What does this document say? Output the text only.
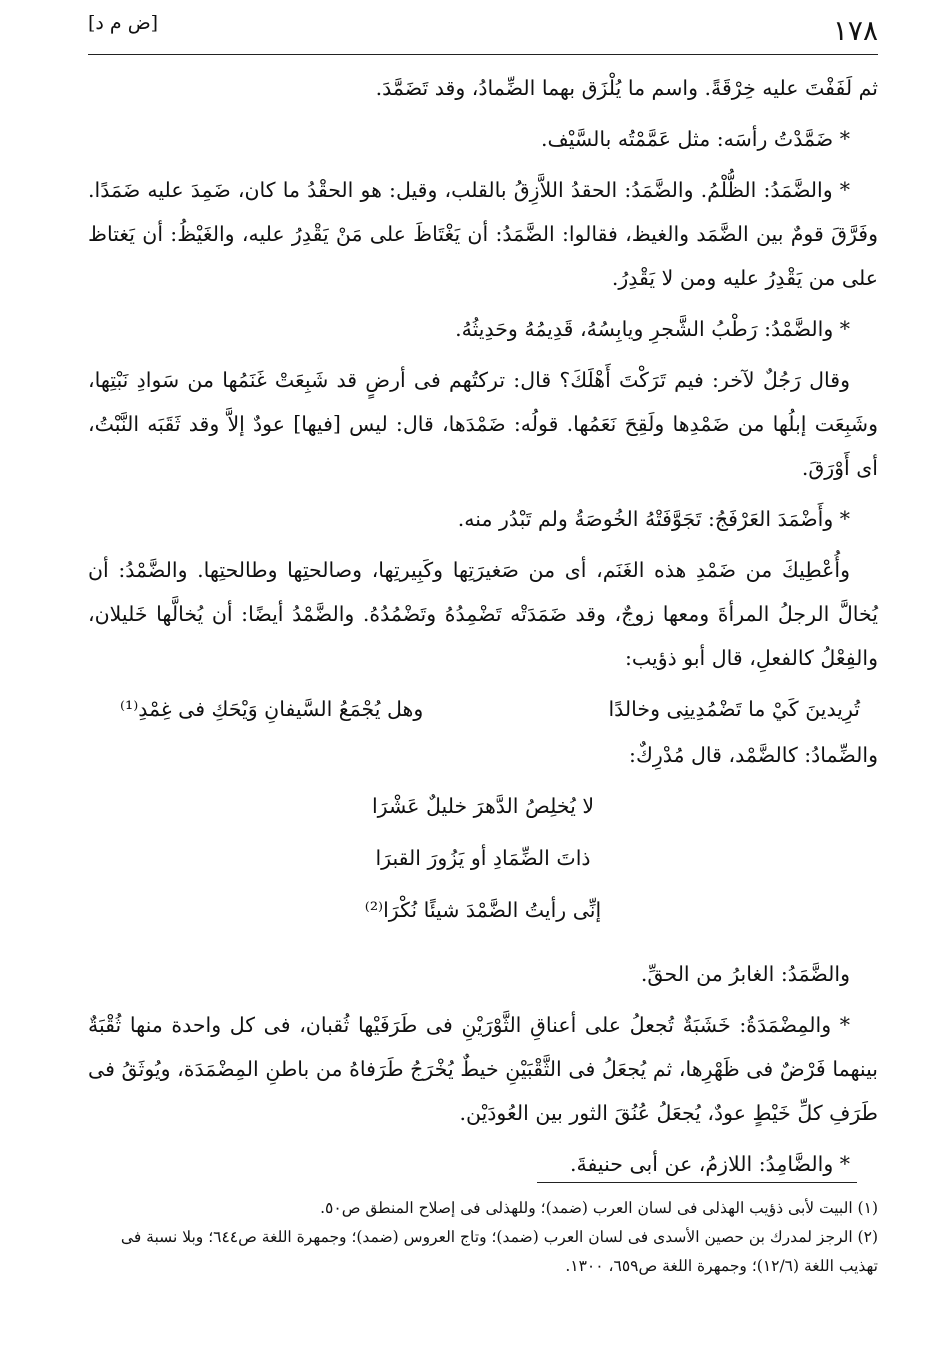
١٧٨
[ض م د]

ثم لَفَفْتَ عليه خِرْقَةً. واسم ما يُلْزَق بهما الضِّمادُ، وقد تَضَمَّدَ.

* ضَمَّدْتُ رأسَه: مثل عَمَّمْتُه بالسَّيْف.

* والضَّمَدُ: الظُّلْمُ. والضَّمَدُ: الحقدُ اللاَّزِقُ بالقلب، وقيل: هو الحقْدُ ما كان، ضَمِدَ عليه ضَمَدًا. وفَرَّقَ قومٌ بين الضَّمَد والغيظ، فقالوا: الضَّمَدُ: أن يَغْتَاظَ على مَنْ يَقْدِرُ عليه، والغَيْظُ: أن يَغتاظ على من يَقْدِرُ عليه ومن لا يَقْدِرُ.

* والضَّمْدُ: رَطْبُ الشَّجرِ ويابِسُهُ، قَدِيمُهُ وحَدِيثُهُ.

وقال رَجُلٌ لآخر: فيم تَرَكْتَ أَهْلَكَ؟ قال: تركتُهم فى أرضٍ قد شَبِعَتْ غَنَمُها من سَوادِ نَبْتِها، وشَبِعَت إبلُها من ضَمْدِها ولَقِحَ نَعَمُها. قولُه: ضَمْدَها، قال: ليس [فيها] عودٌ إلاَّ وقد ثَقَبَه النَّبْتُ، أى أَوْرَقَ.

* وأَضْمَدَ العَرْفَجُ: تَجَوَّفَتْهُ الخُوصَةُ ولم تَبْدُر منه.

وأُعْطِيكَ من ضَمْدِ هذه الغَنَم، أى من صَغيرَتِها وكَبِيرتِها، وصالحتِها وطالحتِها. والضَّمْدُ: أن يُخالَّ الرجلُ المرأةَ ومعها زوجٌ، وقد ضَمَدَتْه تَضْمِدُهُ وتَضْمُدُهُ. والضَّمْدُ أيضًا: أن يُخالَّها خَليلان، والفِعْلُ كالفعلِ، قال أبو ذؤيب:

تُرِيدينَ كَيْ ما تَضْمُدِينِى وخالدًا
وهل يُجْمَعُ السَّيفانِ وَيْحَكِ فى غِمْدِ⁽¹⁾

والضِّمادُ: كالضَّمْد، قال مُدْرِكٌ:

لا يُخلِصُ الدَّهرَ خليلٌ عَشْرَا

ذاتَ الضِّمَادِ أو يَزُورَ القبرَا

إنِّى رأيتُ الضَّمْدَ شيئًا نُكْرَا⁽²⁾

والضَّمَدُ: الغابرُ من الحقِّ.

* والمِضْمَدَةُ: خَشَبَةٌ تُجعلُ على أعناقِ الثَّوْرَيْنِ فى طَرَفَيْها ثُقبان، فى كل واحدة منها ثُقْبَةٌ بينهما فَرْضٌ فى ظَهْرِها، ثم يُجعَلُ فى الثَّقْبَيْنِ خيطٌ يُخْرَجُ طَرَفاهُ من باطنِ المِضْمَدَة، ويُوثَقُ فى طَرَفِ كلِّ خَيْطٍ عودٌ، يُجعَلُ عُنُقَ الثور بين العُودَيْن.

* والضَّامِدُ: اللازمُ، عن أبى حنيفةَ.

(١) البيت لأبى ذؤيب الهذلى فى لسان العرب (ضمد)؛ وللهذلى فى إصلاح المنطق ص٥٠.

(٢) الرجز لمدرك بن حصين الأسدى فى لسان العرب (ضمد)؛ وتاج العروس (ضمد)؛ وجمهرة اللغة ص٦٤٤؛ وبلا نسبة فى تهذيب اللغة (١٢/٦)؛ وجمهرة اللغة ص٦٥٩، ١٣٠٠.
